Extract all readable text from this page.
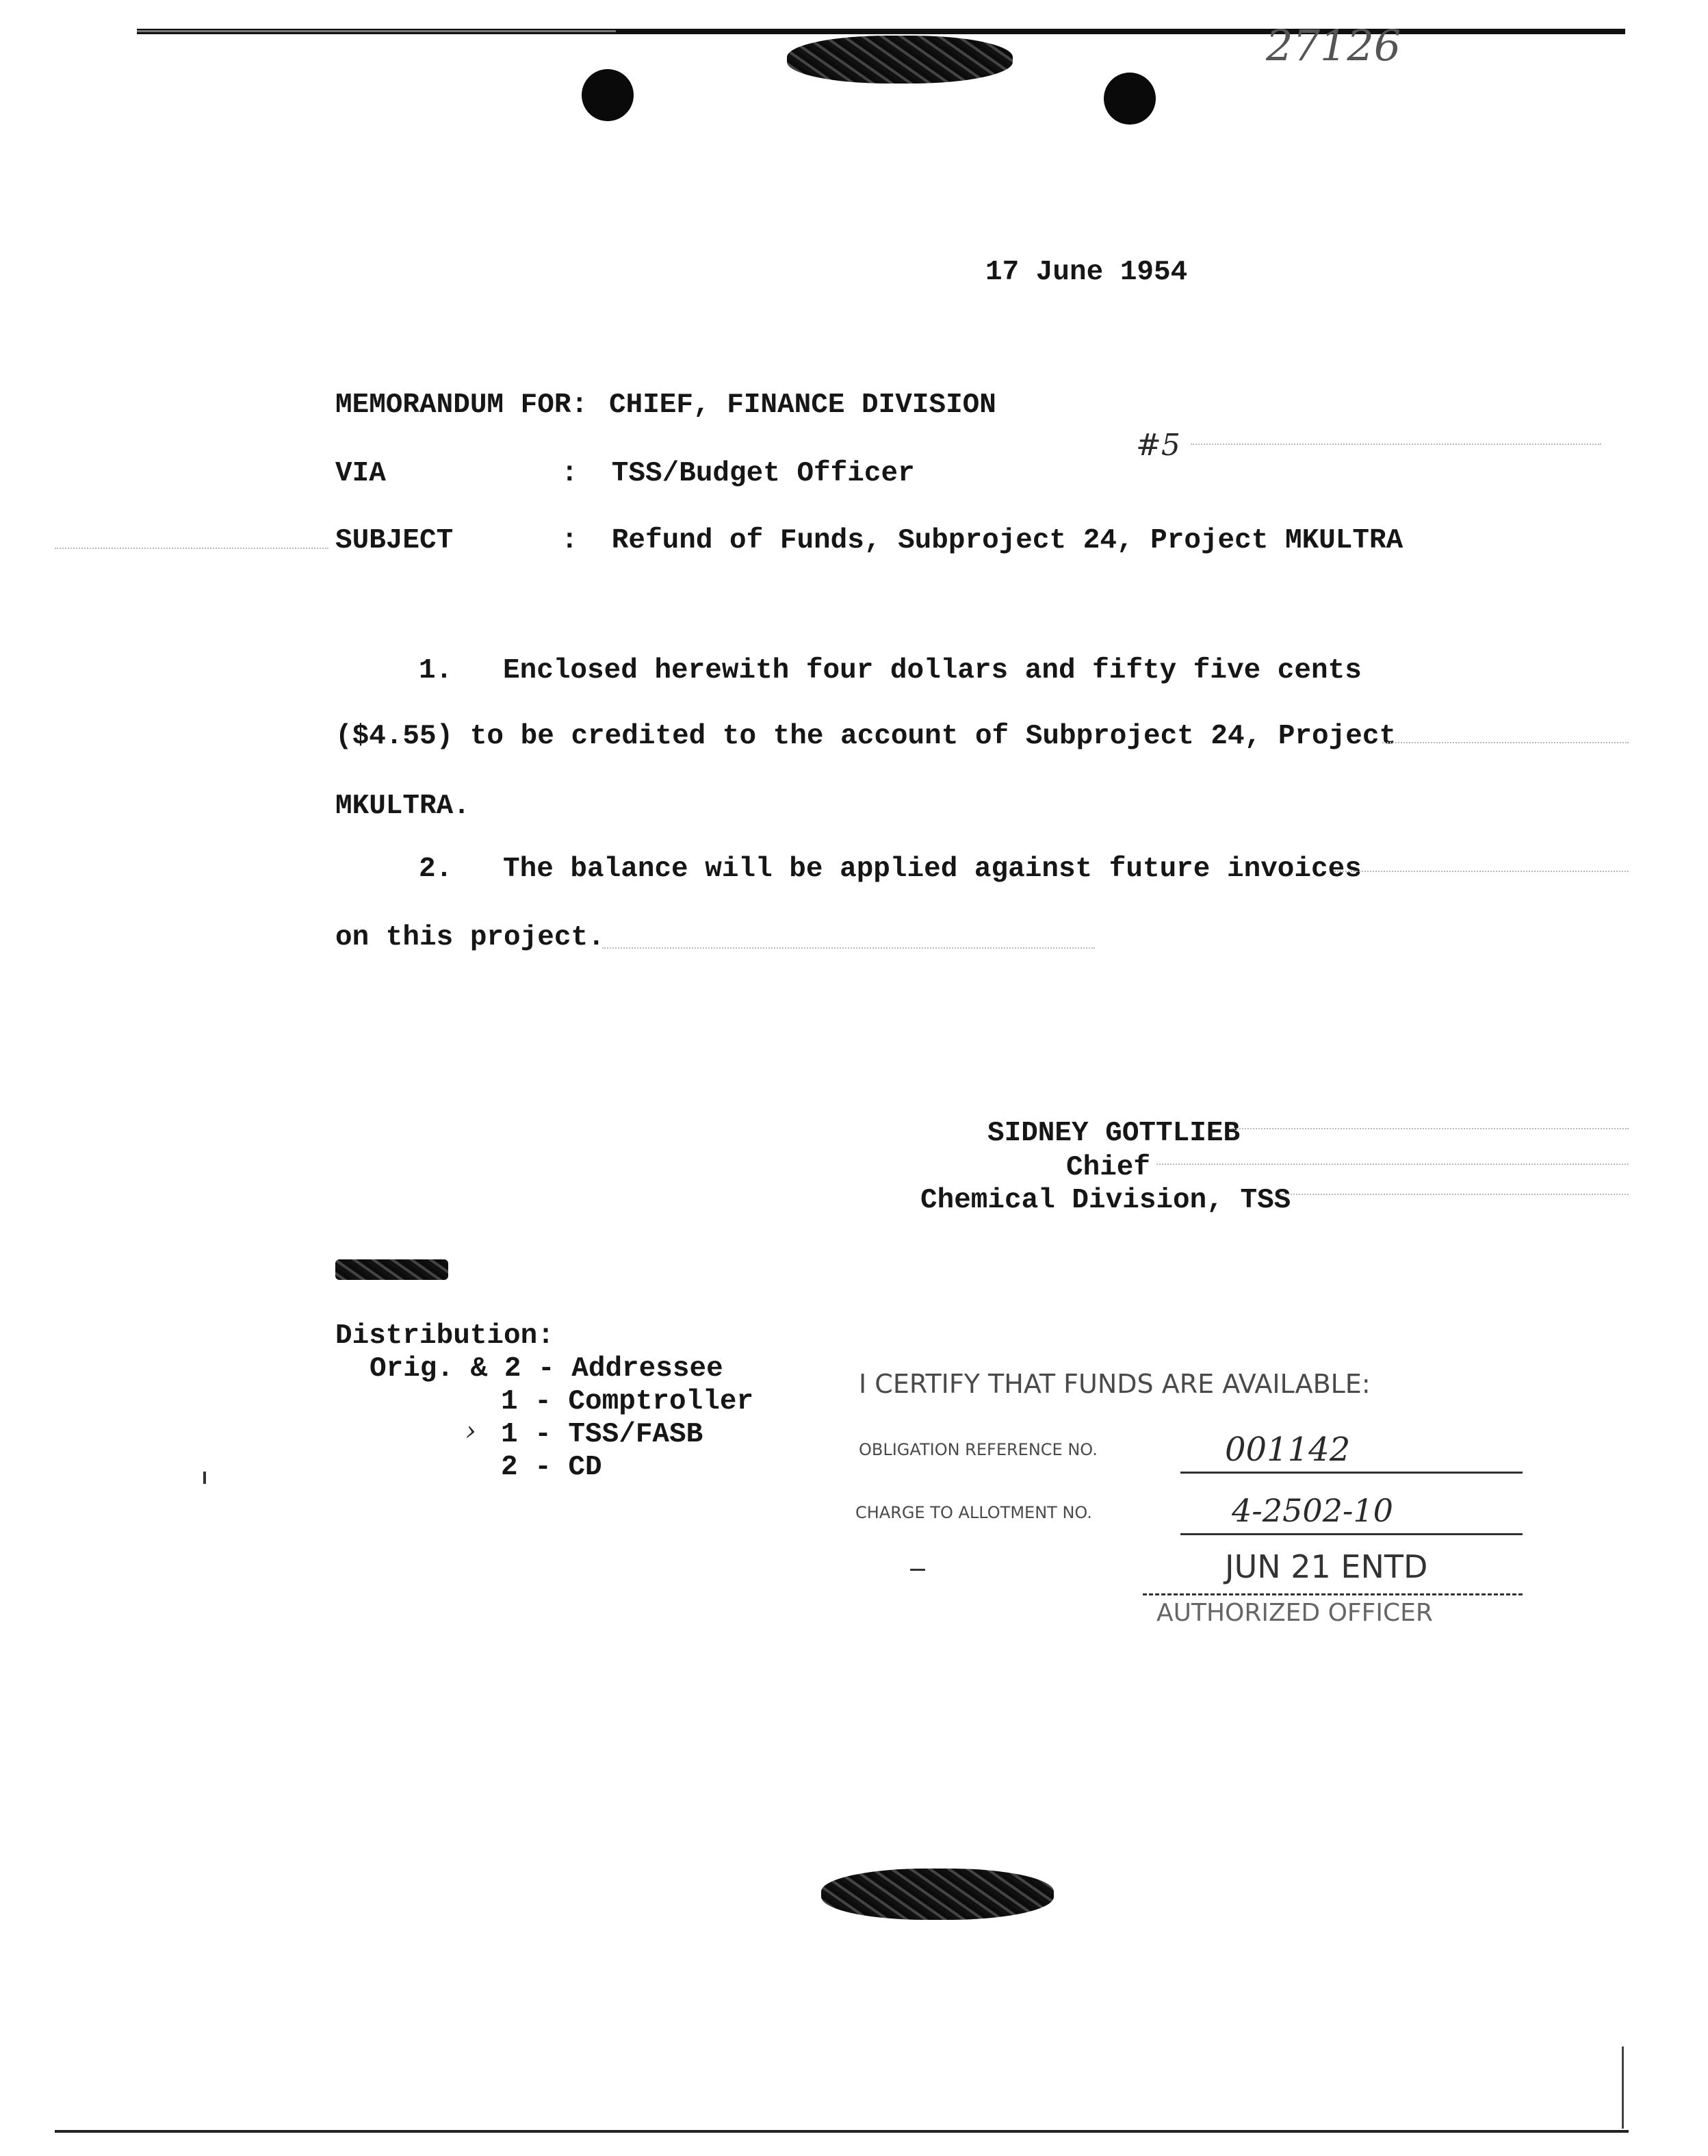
27126
17 June 1954
MEMORANDUM FOR: CHIEF, FINANCE DIVISION
#5
VIA	:  TSS/Budget Officer
SUBJECT	:  Refund of Funds, Subproject 24, Project MKULTRA
1.   Enclosed herewith four dollars and fifty five cents
($4.55) to be credited to the account of Subproject 24, Project
MKULTRA.
2.   The balance will be applied against future invoices
on this project.
SIDNEY GOTTLIEB
Chief
Chemical Division, TSS
Distribution:
Orig. & 2 - Addressee
1 - Comptroller
1 - TSS/FASB
›
2 - CD
I CERTIFY THAT FUNDS ARE AVAILABLE:
OBLIGATION REFERENCE NO.	001142
CHARGE TO ALLOTMENT NO.	4-2502-10
JUN 21 ENTD
AUTHORIZED OFFICER
